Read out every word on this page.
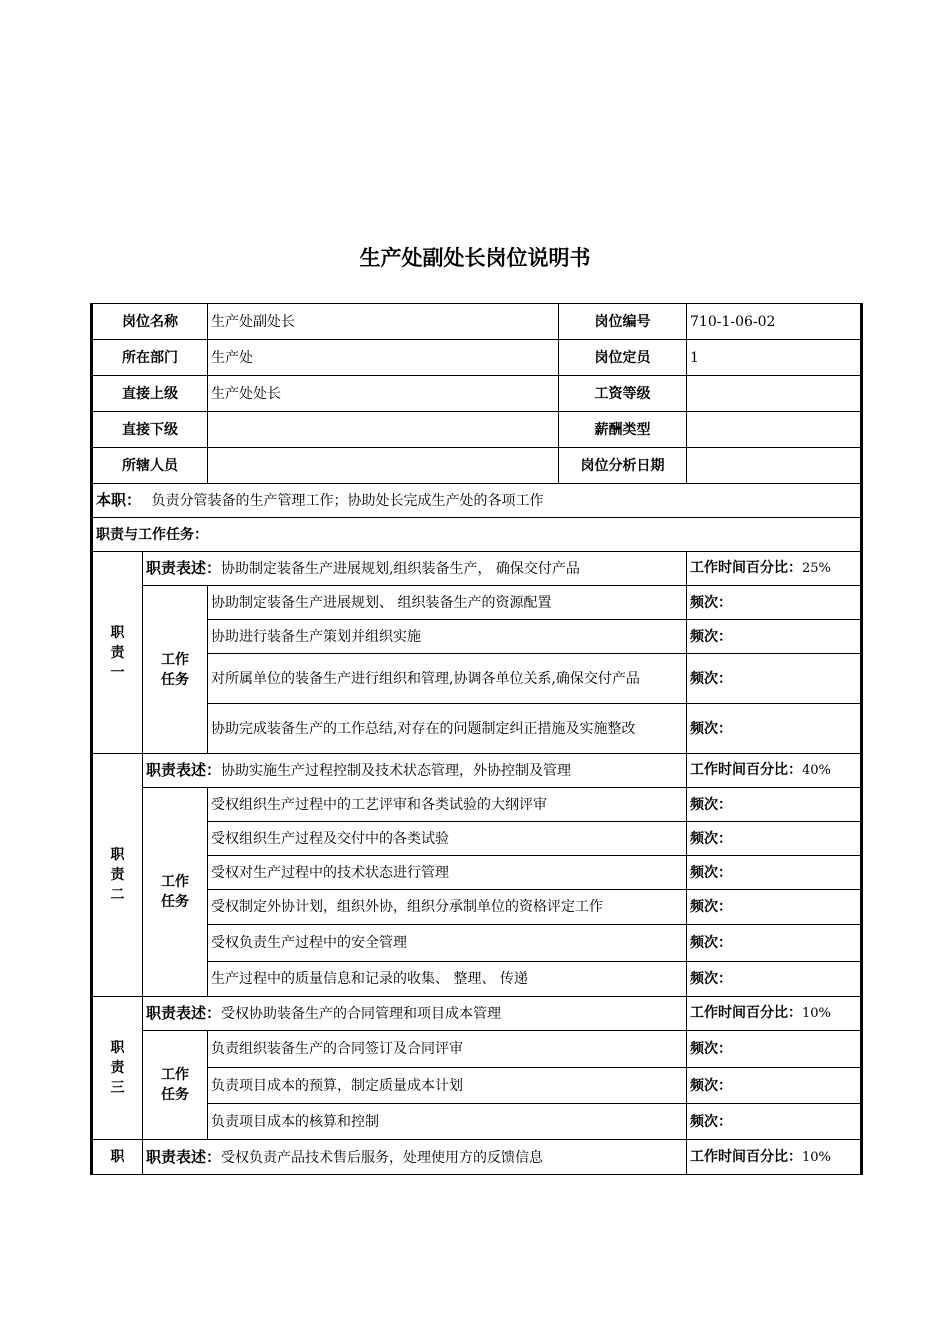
生产处副处长岗位说明书
岗位名称		生产处副处长	岗位编号	710-1-06-02
所在部门		生产处	岗位定员	1
直接上级		生产处处长	工资等级	
直接下级			薪酬类型	
所辖人员			岗位分析日期	
本职： 负责分管装备的生产管理工作；协助处长完成生产处的各项工作				
职责与工作任务：				
职
责
一	职责表述：协助制定装备生产进展规划,组织装备生产， 确保交付产品			工作时间百分比：25%
	工作
任务	协助制定装备生产进展规划、 组织装备生产的资源配置		频次：
		协助进行装备生产策划并组织实施		频次：
		对所属单位的装备生产进行组织和管理,协调各单位关系,确保交付产品		频次：
		协助完成装备生产的工作总结,对存在的问题制定纠正措施及实施整改		频次：
职
责
二	职责表述：协助实施生产过程控制及技术状态管理，外协控制及管理			工作时间百分比：40%
	工作
任务	受权组织生产过程中的工艺评审和各类试验的大纲评审		频次：
		受权组织生产过程及交付中的各类试验		频次：
		受权对生产过程中的技术状态进行管理		频次：
		受权制定外协计划，组织外协，组织分承制单位的资格评定工作		频次：
		受权负责生产过程中的安全管理		频次：
		生产过程中的质量信息和记录的收集、 整理、 传递		频次：
职
责
三	职责表述：受权协助装备生产的合同管理和项目成本管理			工作时间百分比：10%
	工作
任务	负责组织装备生产的合同签订及合同评审		频次：
		负责项目成本的预算，制定质量成本计划		频次：
		负责项目成本的核算和控制		频次：
职	职责表述：受权负责产品技术售后服务，处理使用方的反馈信息			工作时间百分比：10%
